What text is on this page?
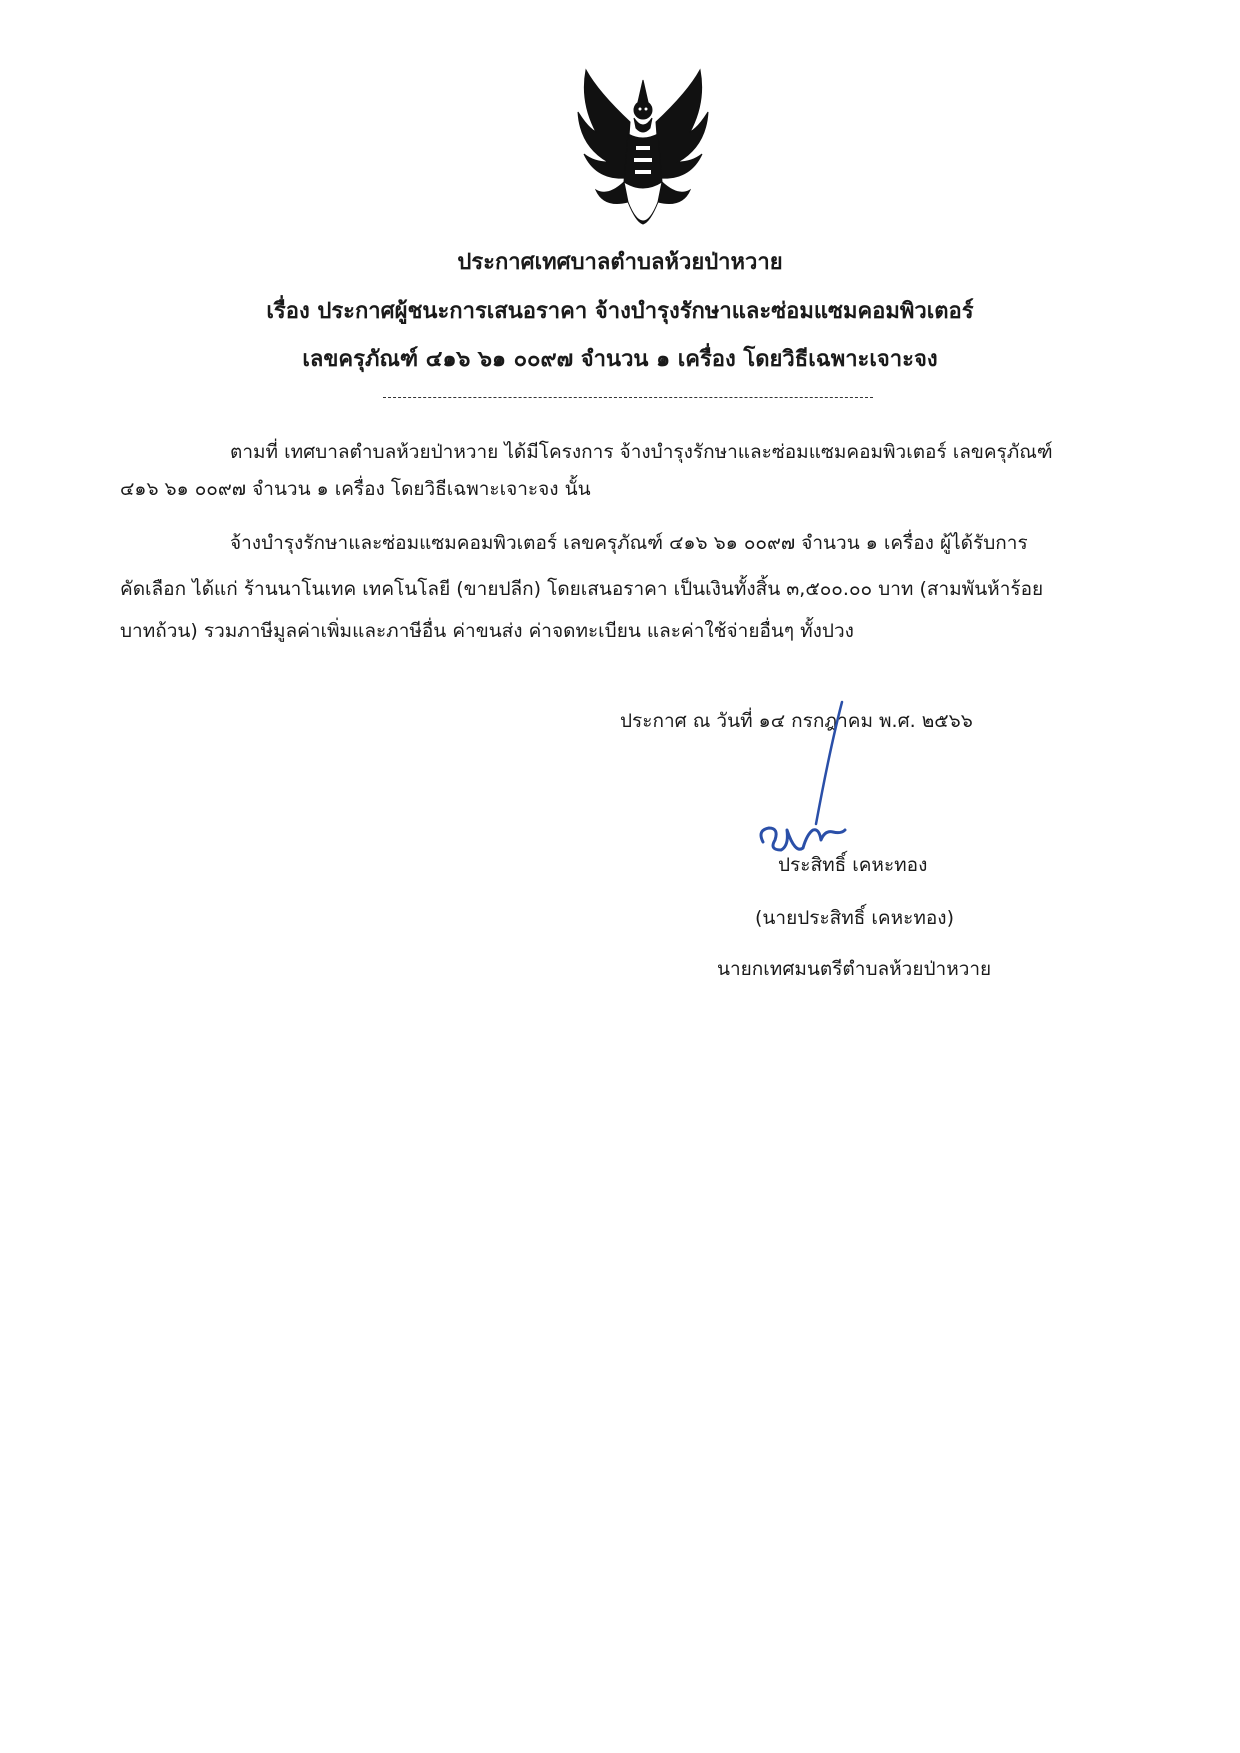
ประกาศเทศบาลตำบลห้วยป่าหวาย
เรื่อง ประกาศผู้ชนะการเสนอราคา จ้างบำรุงรักษาและซ่อมแซมคอมพิวเตอร์
เลขครุภัณฑ์ ๔๑๖ ๖๑ ๐๐๙๗ จำนวน ๑ เครื่อง โดยวิธีเฉพาะเจาะจง
ตามที่ เทศบาลตำบลห้วยป่าหวาย ได้มีโครงการ จ้างบำรุงรักษาและซ่อมแซมคอมพิวเตอร์ เลขครุภัณฑ์
๔๑๖ ๖๑ ๐๐๙๗ จำนวน ๑ เครื่อง โดยวิธีเฉพาะเจาะจง นั้น
จ้างบำรุงรักษาและซ่อมแซมคอมพิวเตอร์ เลขครุภัณฑ์ ๔๑๖ ๖๑ ๐๐๙๗ จำนวน ๑ เครื่อง ผู้ได้รับการ
คัดเลือก ได้แก่ ร้านนาโนเทค เทคโนโลยี (ขายปลีก) โดยเสนอราคา เป็นเงินทั้งสิ้น ๓,๕๐๐.๐๐ บาท (สามพันห้าร้อย
บาทถ้วน) รวมภาษีมูลค่าเพิ่มและภาษีอื่น ค่าขนส่ง ค่าจดทะเบียน และค่าใช้จ่ายอื่นๆ ทั้งปวง
ประกาศ ณ วันที่ ๑๔ กรกฎาคม พ.ศ. ๒๕๖๖
ประสิทธิ์ เคหะทอง
(นายประสิทธิ์ เคหะทอง)
นายกเทศมนตรีตำบลห้วยป่าหวาย
